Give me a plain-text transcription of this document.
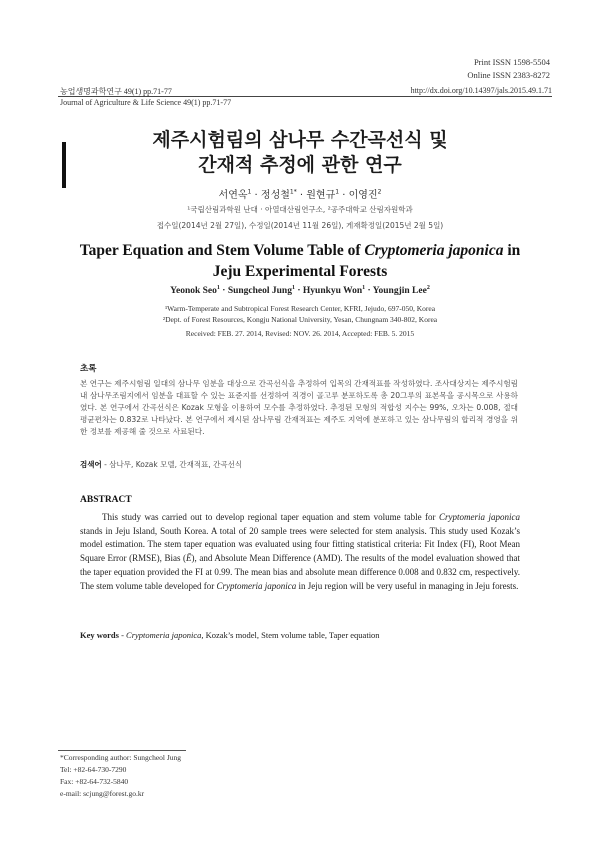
Print ISSN 1598-5504
Online ISSN 2383-8272
농업생명과학연구 49(1) pp.71-77	http://dx.doi.org/10.14397/jals.2015.49.1.71
Journal of Agriculture & Life Science 49(1) pp.71-77
제주시험림의 삼나무 수간곡선식 및
간재적 추정에 관한 연구
서연옥$^1$ · 정성철$^{1*}$ · 원현규$^1$ · 이영진$^2$
¹국립산림과학원 난대 · 아열대산림연구소, ²공주대학교 산림자원학과
접수일(2014년 2월 27일), 수정일(2014년 11월 26일), 게재확정일(2015년 2월 5일)
Taper Equation and Stem Volume Table of Cryptomeria japonica in
Jeju Experimental Forests
Yeonok Seo$^1$ · Sungcheol Jung$^1$ · Hyunkyu Won$^1$ · Youngjin Lee$^2$
¹Warm-Temperate and Subtropical Forest Research Center, KFRI, Jejudo, 697-050, Korea
²Dept. of Forest Resources, Kongju National University, Yesan, Chungnam 340-802, Korea
Received: FEB. 27. 2014, Revised: NOV. 26. 2014, Accepted: FEB. 5. 2015
초록
본 연구는 제주시험림 일대의 삼나무 임분을 대상으로 간곡선식을 추정하여 입목의 간재적표를 작성하였다. 조사대상지는 제주시험림 내 삼나무조림지에서 임분을 대표할 수 있는 표준지를 선정하여 직경이 골고루 분포하도록 총 20그루의 표본목을 공시목으로 사용하였다. 본 연구에서 간곡선식은 Kozak 모형을 이용하여 모수를 추정하였다. 추정된 모형의 적합성 지수는 99%, 오차는 0.008, 절대평균편차는 0.832로 나타났다. 본 연구에서 제시된 삼나무림 간재적표는 제주도 지역에 분포하고 있는 삼나무림의 합리적 경영을 위한 정보를 제공해 줄 것으로 사료된다.
검색어 - 삼나무, Kozak 모델, 간재적표, 간곡선식
ABSTRACT

This study was carried out to develop regional taper equation and stem volume table for Cryptomeria japonica stands in Jeju Island, South Korea. A total of 20 sample trees were selected for stem analysis. This study used Kozak’s model estimation. The stem taper equation was evaluated using four fitting statistical criteria: Fit Index (FI), Root Mean Square Error (RMSE), Bias (Ē), and Absolute Mean Difference (AMD). The results of the model evaluation showed that the taper equation provided the FI at 0.99. The mean bias and absolute mean difference 0.008 and 0.832 cm, respectively. The stem volume table developed for Cryptomeria japonica in Jeju region will be very useful in managing in Jeju forests.

Key words - Cryptomeria japonica, Kozak’s model, Stem volume table, Taper equation
*Corresponding author: Sungcheol Jung
Tel: +82-64-730-7290
Fax: +82-64-732-5840
e-mail: scjung@forest.go.kr
